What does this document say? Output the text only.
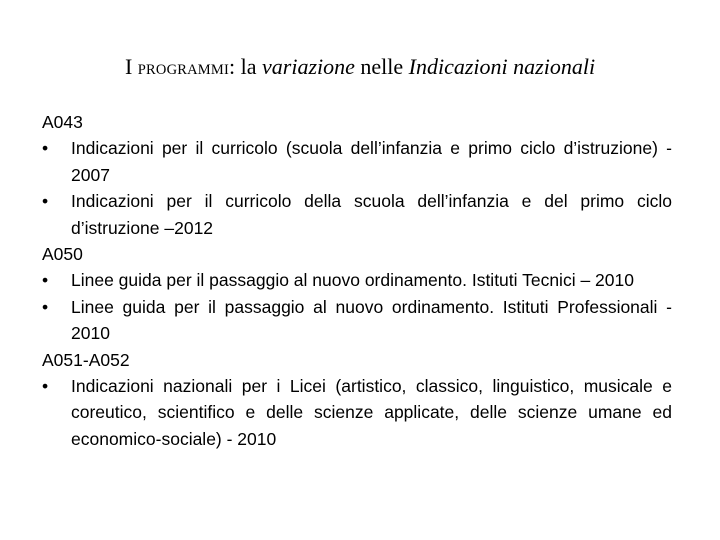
I PROGRAMMI: la variazione nelle Indicazioni nazionali

A043

• Indicazioni per il curricolo (scuola dell’infanzia e primo ciclo d’istruzione) - 2007
• Indicazioni per il curricolo della scuola dell’infanzia e del primo ciclo d’istruzione –2012

A050

• Linee guida per il passaggio al nuovo ordinamento. Istituti Tecnici – 2010
• Linee guida per il passaggio al nuovo ordinamento. Istituti Professionali - 2010

A051-A052

• Indicazioni nazionali per i Licei (artistico, classico, linguistico, musicale e coreutico, scientifico e delle scienze applicate, delle scienze umane ed economico-sociale) - 2010
